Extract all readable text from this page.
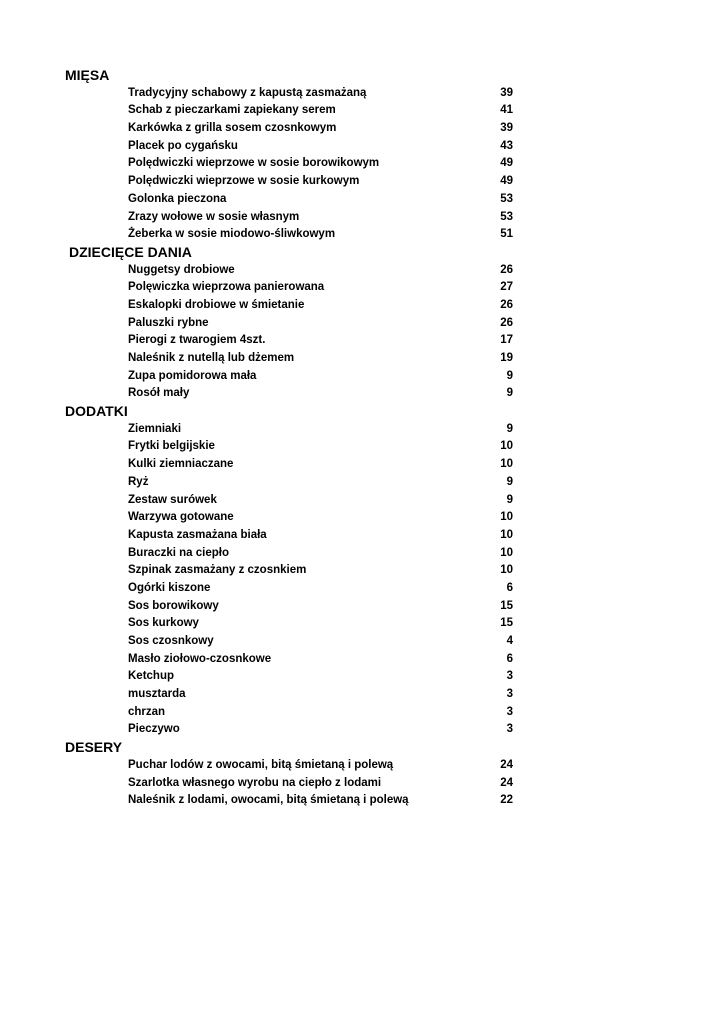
MIĘSA
Tradycyjny schabowy z kapustą zasmażaną	39
Schab z pieczarkami zapiekany serem	41
Karkówka z grilla sosem czosnkowym	39
Placek po cygańsku	43
Polędwiczki wieprzowe w sosie borowikowym	49
Polędwiczki wieprzowe w sosie kurkowym	49
Golonka pieczona	53
Zrazy wołowe w sosie własnym	53
Żeberka w sosie miodowo-śliwkowym	51
DZIECIĘCE DANIA
Nuggetsy drobiowe	26
Polęwiczka wieprzowa panierowana	27
Eskalopki drobiowe w śmietanie	26
Paluszki rybne	26
Pierogi z twarogiem 4szt.	17
Naleśnik z nutellą lub dżemem	19
Zupa pomidorowa mała	9
Rosół mały	9
DODATKI
Ziemniaki	9
Frytki belgijskie	10
Kulki ziemniaczane	10
Ryż	9
Zestaw surówek	9
Warzywa gotowane	10
Kapusta zasmażana biała	10
Buraczki na ciepło	10
Szpinak zasmażany z czosnkiem	10
Ogórki kiszone	6
Sos borowikowy	15
Sos kurkowy	15
Sos czosnkowy	4
Masło ziołowo-czosnkowe	6
Ketchup	3
musztarda	3
chrzan	3
Pieczywo	3
DESERY
Puchar lodów z owocami, bitą śmietaną i polewą	24
Szarlotka własnego wyrobu na ciepło z lodami	24
Naleśnik z lodami, owocami, bitą śmietaną i polewą	22
